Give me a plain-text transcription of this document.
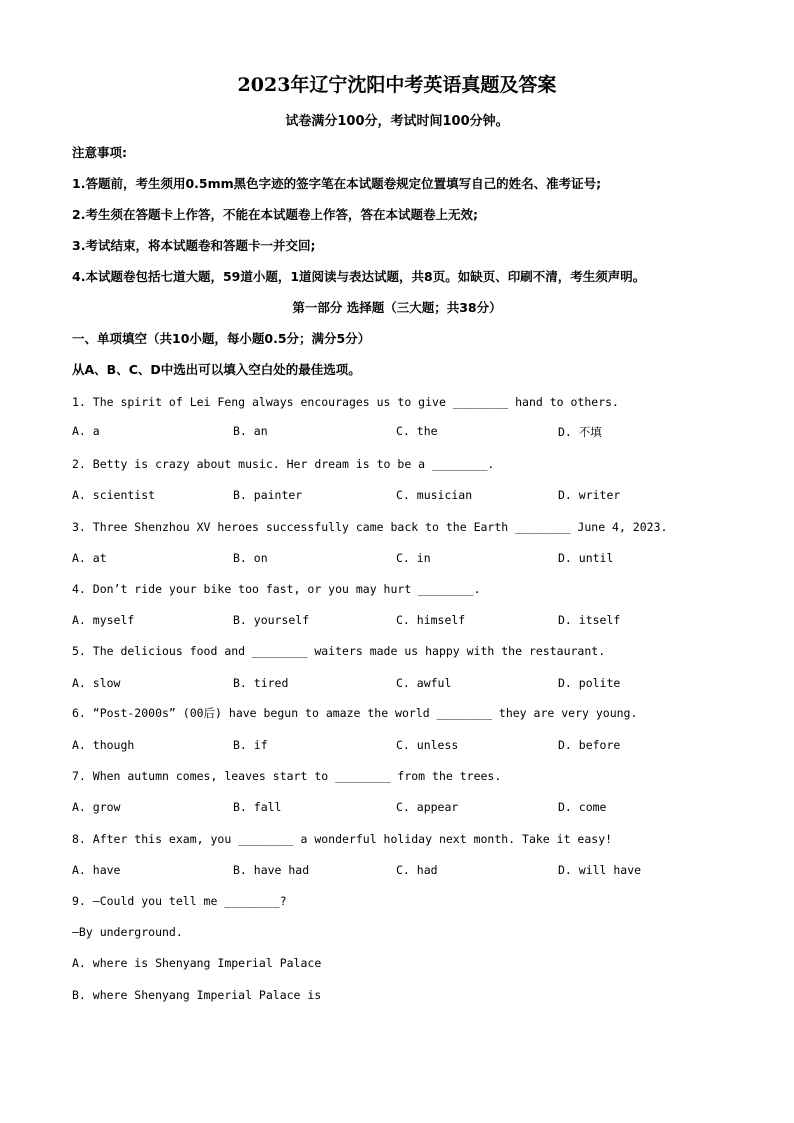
2023年辽宁沈阳中考英语真题及答案
试卷满分100分，考试时间100分钟。
注意事项:
1.答题前，考生须用0.5mm黑色字迹的签字笔在本试题卷规定位置填写自己的姓名、准考证号;
2.考生须在答题卡上作答，不能在本试题卷上作答，答在本试题卷上无效;
3.考试结束，将本试题卷和答题卡一并交回;
4.本试题卷包括七道大题，59道小题，1道阅读与表达试题，共8页。如缺页、印刷不清，考生须声明。
第一部分 选择题（三大题；共38分）
一、单项填空（共10小题，每小题0.5分；满分5分）
从A、B、C、D中选出可以填入空白处的最佳选项。
1. The spirit of Lei Feng always encourages us to give ________ hand to others.
A. a	B. an	C. the	D. 不填
2. Betty is crazy about music. Her dream is to be a ________.
A. scientist	B. painter	C. musician	D. writer
3. Three Shenzhou XV heroes successfully came back to the Earth ________ June 4, 2023.
A. at	B. on	C. in	D. until
4. Don’t ride your bike too fast, or you may hurt ________.
A. myself	B. yourself	C. himself	D. itself
5. The delicious food and ________ waiters made us happy with the restaurant.
A. slow	B. tired	C. awful	D. polite
6. “Post-2000s” (00后) have begun to amaze the world ________ they are very young.
A. though	B. if	C. unless	D. before
7. When autumn comes, leaves start to ________ from the trees.
A. grow	B. fall	C. appear	D. come
8. After this exam, you ________ a wonderful holiday next month. Take it easy!
A. have	B. have had	C. had	D. will have
9. —Could you tell me ________?
—By underground.
A. where is Shenyang Imperial Palace
B. where Shenyang Imperial Palace is
